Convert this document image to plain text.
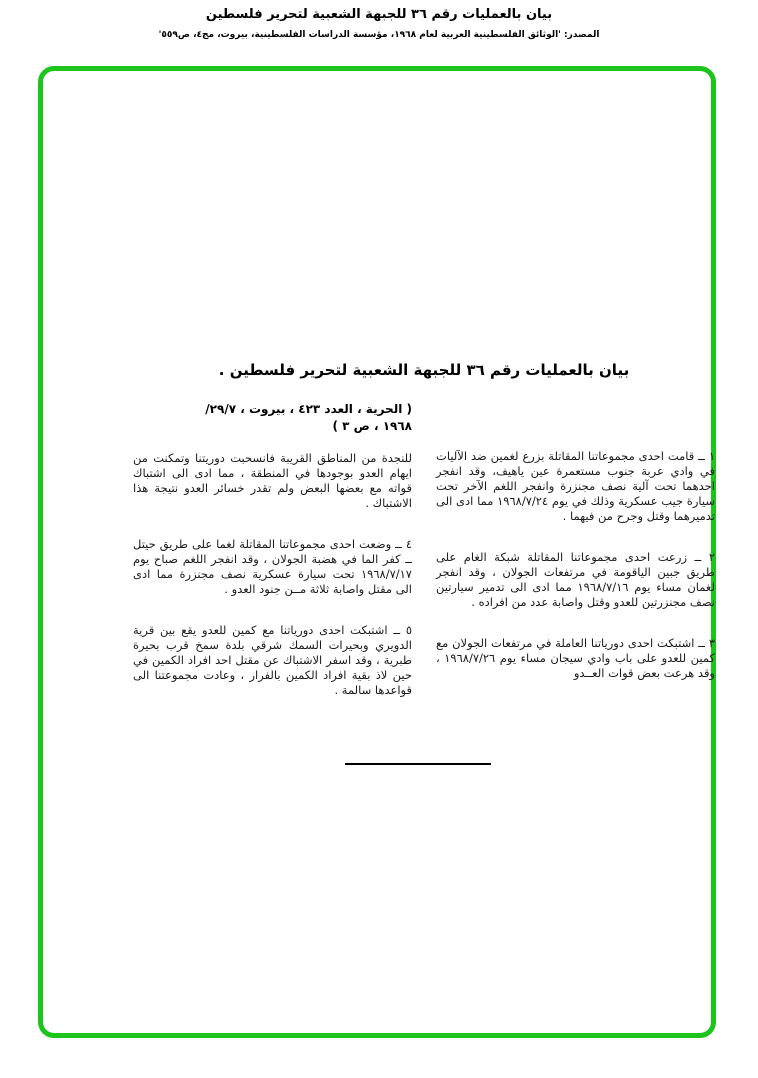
بيان بالعمليات رقم ٣٦ للجبهة الشعبية لتحرير فلسطين
المصدر: 'الوثائق الفلسطينية العربية لعام ١٩٦٨، مؤسسة الدراسات الفلسطينية، بيروت، مج٤، ص٥٥٩'
بيان بالعمليات رقم ٣٦ للجبهة الشعبية لتحرير فلسطين .

١ ــ قامت احدى مجموعاتنا المقاتلة بزرع لغمين ضد الآليات في وادي عربة جنوب مستعمرة عين ياهيف، وقد انفجر احدهما تحت آلية نصف مجنزرة وانفجر اللغم الآخر تحت سيارة جيب عسكرية وذلك في يوم ١٩٦٨/٧/٢٤ مما ادى الى تدميرهما وقتل وجرح من فيهما .

٢ ــ زرعت احدى مجموعاتنا المقاتلة شبكة الغام على طريق جبين الياقومة في مرتفعات الجولان ، وقد انفجر لغمان مساء يوم ١٩٦٨/٧/١٦ مما ادى الى تدمير سيارتين نصف مجنزرتين للعدو وقتل واصابة عدد من افراده .

٣ ــ اشتبكت احدى دورياتنا العاملة في مرتفعات الجولان مع كمين للعدو على باب وادي سيجان مساء يوم ١٩٦٨/٧/٢٦ ، وقد هرعت بعض قوات العــدو

( الحرية ، العدد ٤٢٣ ، بيروت ، ٢٩/٧/
١٩٦٨ ، ص ٣ )

للنجدة من المناطق القريبة فانسحبت دوريتنا وتمكنت من ايهام العدو بوجودها في المنطقة ، مما ادى الى اشتباك قواته مع بعضها البعض ولم تقدر خسائر العدو نتيجة هذا الاشتباك .

٤ ــ وضعت احدى مجموعاتنا المقاتلة لغما على طريق حيتل ــ كفر الما في هضبة الجولان ، وقد انفجر اللغم صباح يوم ١٩٦٨/٧/١٧ تحت سيارة عسكرية نصف مجنزرة مما ادى الى مقتل واصابة ثلاثة مــن جنود العدو .

٥ ــ اشتبكت احدى دورياتنا مع كمين للعدو يقع بين قرية الدويري وبحيرات السمك شرقي بلدة سمخ قرب بحيرة طبرية ، وقد اسفر الاشتباك عن مقتل احد افراد الكمين في حين لاذ بقية افراد الكمين بالفرار ، وعادت مجموعتنا الى قواعدها سالمة .
